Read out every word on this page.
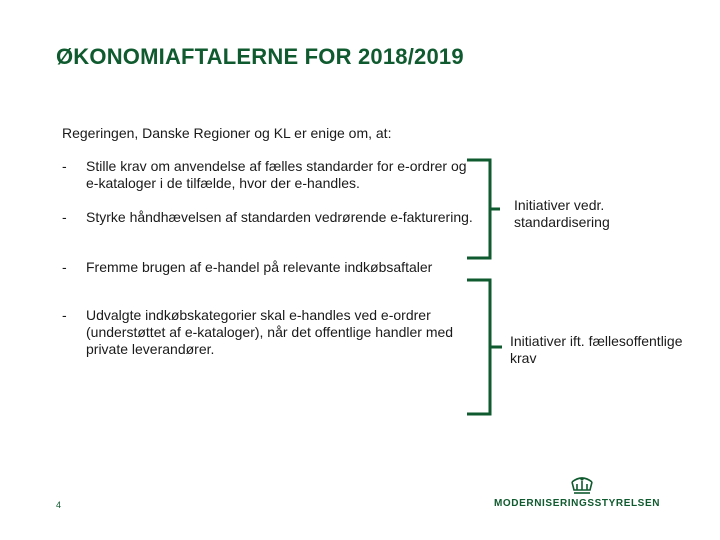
ØKONOMIAFTALERNE FOR 2018/2019
Regeringen, Danske Regioner og KL er enige om, at:
- Stille krav om anvendelse af fælles standarder for e-ordrer og e-kataloger i de tilfælde, hvor der e-handles.
- Styrke håndhævelsen af standarden vedrørende e-fakturering.
- Fremme brugen af e-handel på relevante indkøbsaftaler
- Udvalgte indkøbskategorier skal e-handles ved e-ordrer (understøttet af e-kataloger), når det offentlige handler med private leverandører.
Initiativer vedr. standardisering
Initiativer ift. fællesoffentlige krav
4	MODERNISERINGSSTYRELSEN
